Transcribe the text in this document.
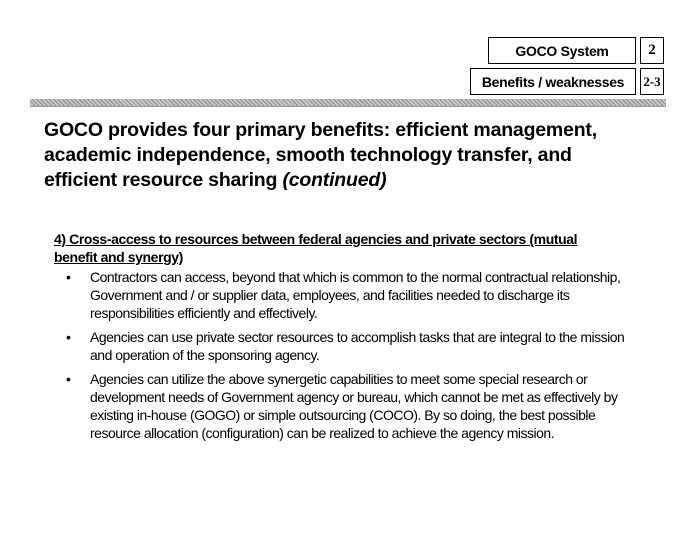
GOCO System	2
Benefits / weaknesses 2-3
GOCO provides four primary benefits: efficient management, academic independence, smooth technology transfer, and efficient resource sharing (continued)

4) Cross-access to resources between federal agencies and private sectors (mutual benefit and synergy)

• Contractors can access, beyond that which is common to the normal contractual relationship, Government and / or supplier data, employees, and facilities needed to discharge its responsibilities efficiently and effectively.
• Agencies can use private sector resources to accomplish tasks that are integral to the mission and operation of the sponsoring agency.
• Agencies can utilize the above synergetic capabilities to meet some special research or development needs of Government agency or bureau, which cannot be met as effectively by existing in-house (GOGO) or simple outsourcing (COCO). By so doing, the best possible resource allocation (configuration) can be realized to achieve the agency mission.
